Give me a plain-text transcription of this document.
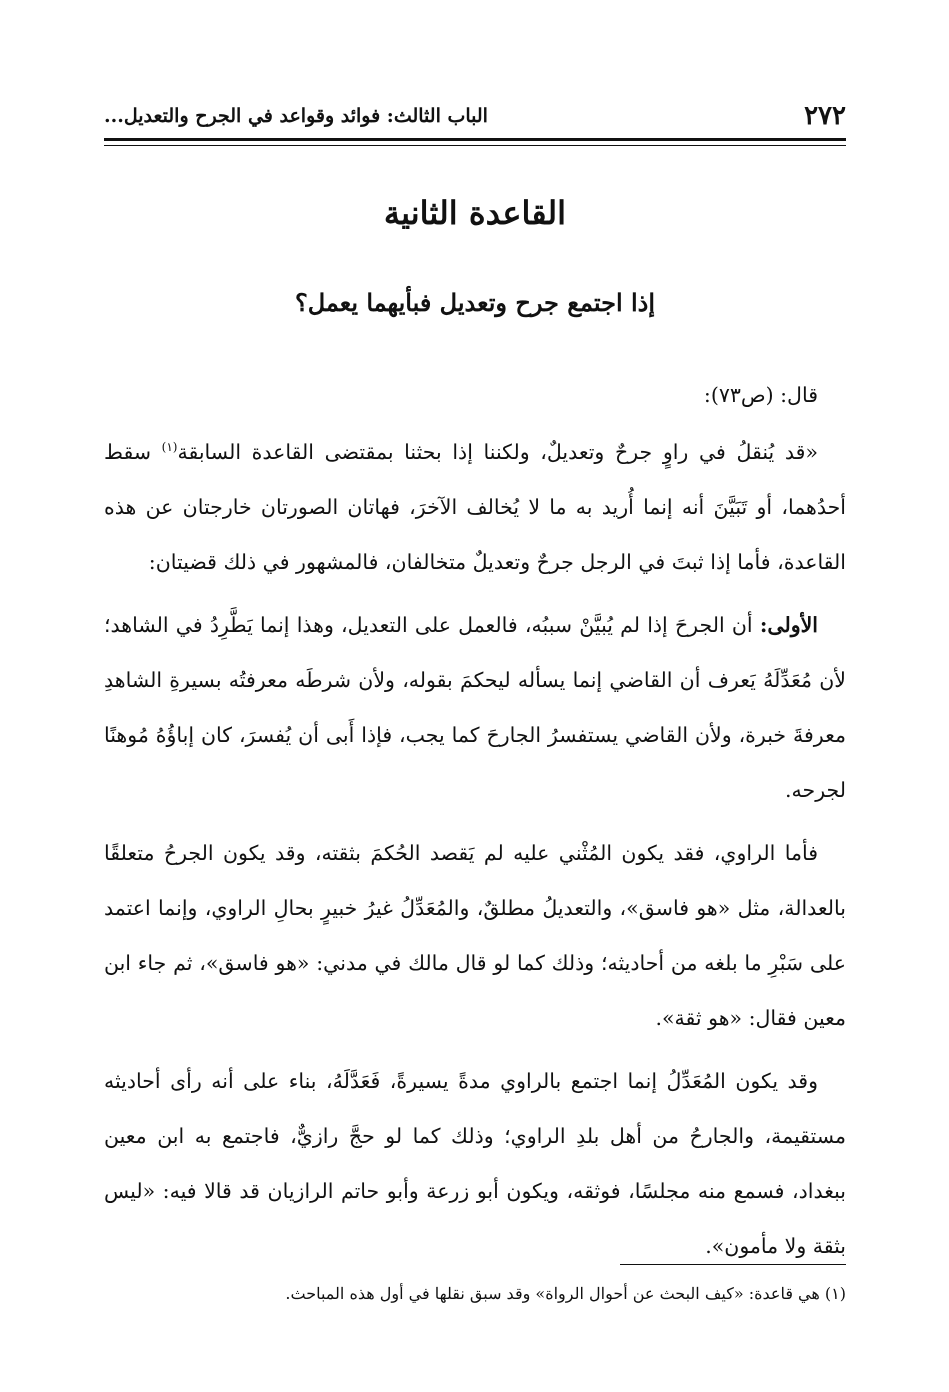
٢٧٢
الباب الثالث: فوائد وقواعد في الجرح والتعديل...
القاعدة الثانية
إذا اجتمع جرح وتعديل فبأيهما يعمل؟

قال: (ص٧٣):

«قد يُنقلُ في راوٍ جرحٌ وتعديلٌ، ولكننا إذا بحثنا بمقتضى القاعدة السابقة$^{(١)}$ سقط أحدُهما، أو تَبَيَّنَ أنه إنما أُريد به ما لا يُخالف الآخرَ، فهاتان الصورتان خارجتان عن هذه القاعدة، فأما إذا ثبتَ في الرجل جرحٌ وتعديلٌ متخالفان، فالمشهور في ذلك قضيتان:

الأولى: أن الجرحَ إذا لم يُبيَّنْ سببُه، فالعمل على التعديل، وهذا إنما يَطَّرِدُ في الشاهد؛ لأن مُعَدِّلَهُ يَعرف أن القاضي إنما يسأله ليحكمَ بقوله، ولأن شرطَه معرفتُه بسيرةِ الشاهدِ معرفةَ خبرة، ولأن القاضي يستفسرُ الجارحَ كما يجب، فإذا أَبى أن يُفسرَ، كان إباؤُهُ مُوهنًا لجرحه.

فأما الراوي، فقد يكون المُثْني عليه لم يَقصد الحُكمَ بثقته، وقد يكون الجرحُ متعلقًا بالعدالة، مثل «هو فاسق»، والتعديلُ مطلقٌ، والمُعَدِّلُ غيرُ خبيرٍ بحالِ الراوي، وإنما اعتمد على سَبْرِ ما بلغه من أحاديثه؛ وذلك كما لو قال مالك في مدني: «هو فاسق»، ثم جاء ابن معين فقال: «هو ثقة».

وقد يكون المُعَدِّلُ إنما اجتمع بالراوي مدةً يسيرةً، فَعَدَّلَهُ، بناء على أنه رأى أحاديثه مستقيمة، والجارحُ من أهل بلدِ الراوي؛ وذلك كما لو حجَّ رازيٌّ، فاجتمع به ابن معين ببغداد، فسمع منه مجلسًا، فوثقه، ويكون أبو زرعة وأبو حاتم الرازيان قد قالا فيه: «ليس بثقة ولا مأمون».

(١) هي قاعدة: «كيف البحث عن أحوال الرواة» وقد سبق نقلها في أول هذه المباحث.
